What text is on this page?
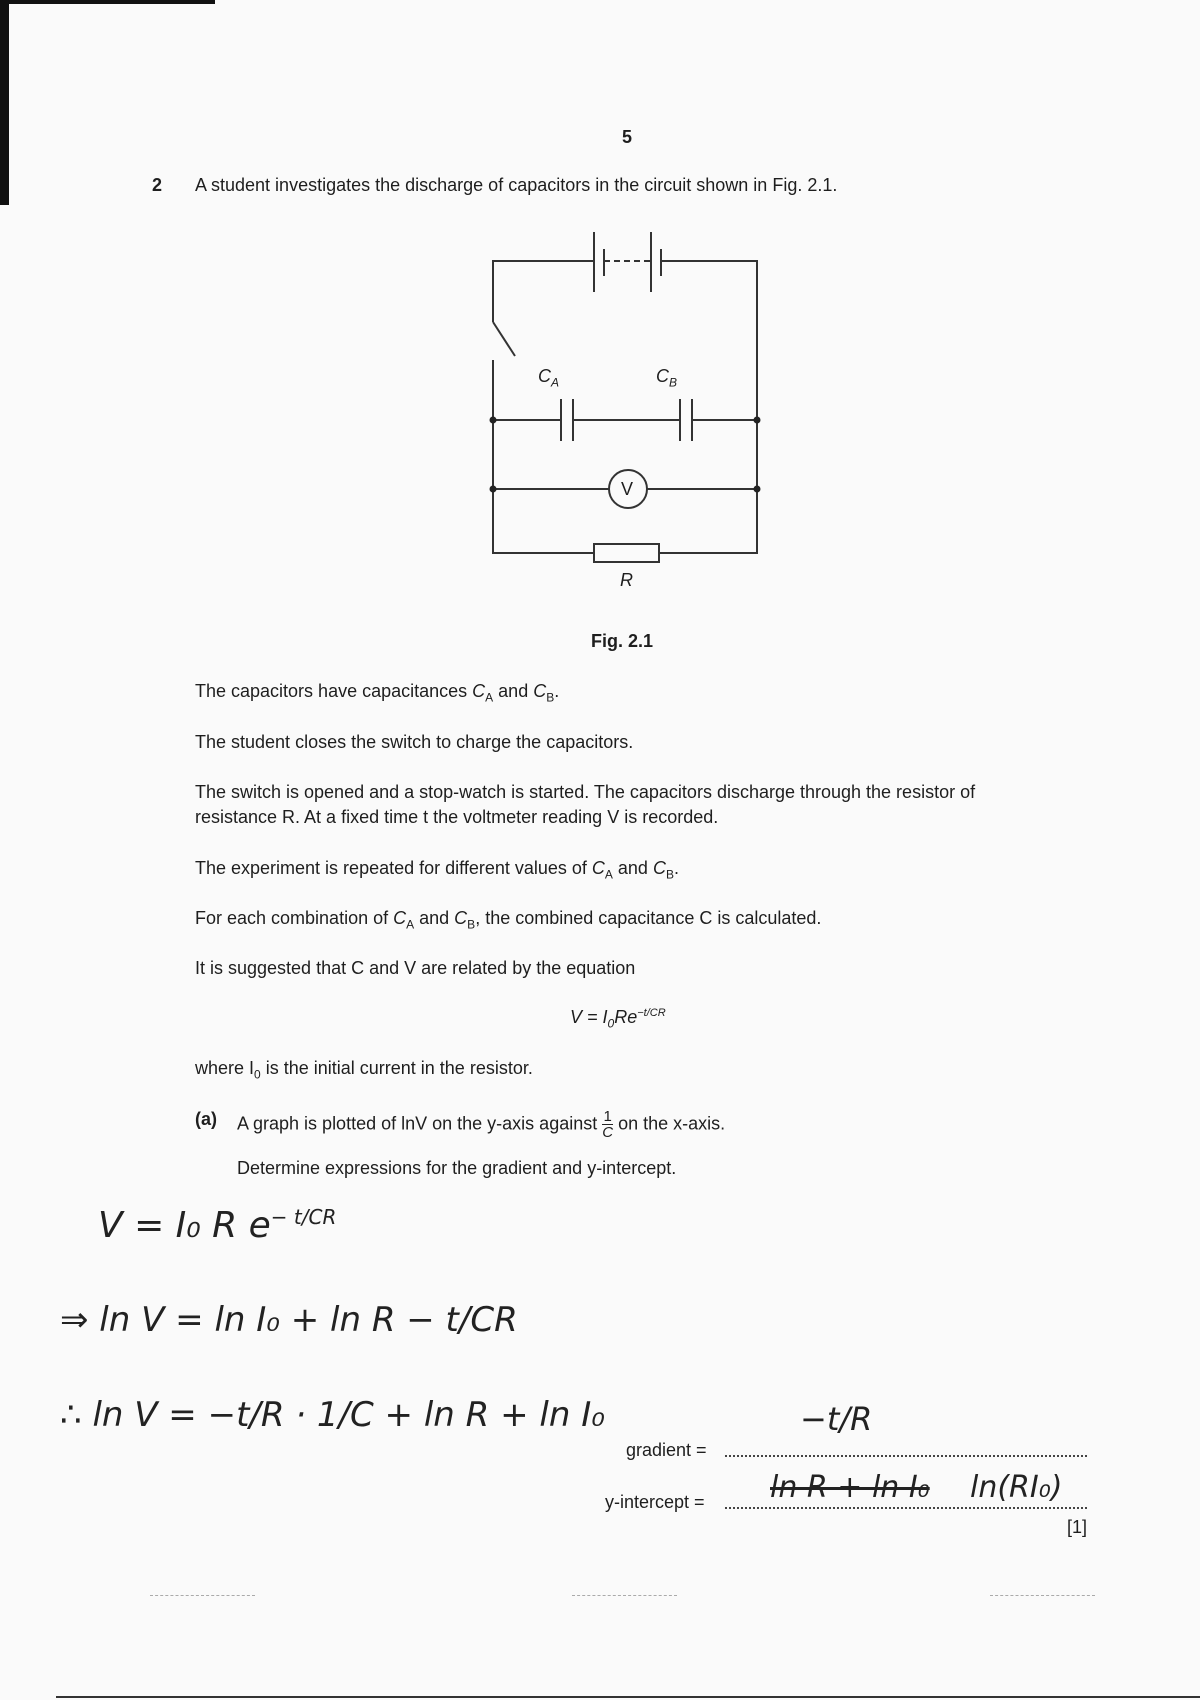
5
2 A student investigates the discharge of capacitors in the circuit shown in Fig. 2.1.
$C_A$	$C_B$
V
R
Fig. 2.1
The capacitors have capacitances $C_A$ and $C_B$.
The student closes the switch to charge the capacitors.
The switch is opened and a stop-watch is started. The capacitors discharge through the resistor of
resistance R. At a fixed time t the voltmeter reading V is recorded.
The experiment is repeated for different values of $C_A$ and $C_B$.
For each combination of $C_A$ and $C_B$, the combined capacitance C is calculated.
It is suggested that C and V are related by the equation
$V = I_0Re^{-t/CR}$
where $I_0$ is the initial current in the resistor.
(a) A graph is plotted of lnV on the y-axis against $\frac{1}{C}$ on the x-axis.
Determine expressions for the gradient and y-intercept.
V = I₀ R $e^{- t/CR}$
⇒ ln V = ln I₀ + ln R − t/CR
∴ ln V = −t/R · 1/C + ln R + ln I₀
gradient =
−t/R
y-intercept = ln R + ln I₀ ln(RI₀)
[1]
